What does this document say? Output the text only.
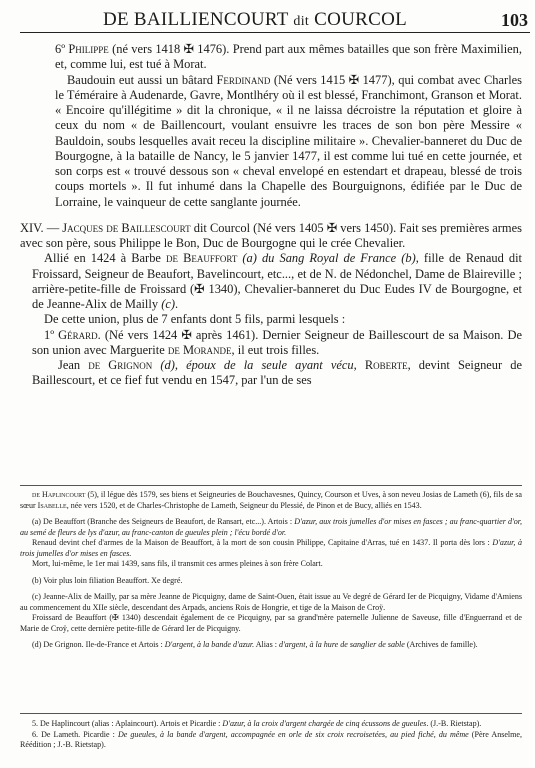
DE BAILLIENCOURT dit COURCOL	103

6º Philippe (né vers 1418 ✠ 1476). Prend part aux mêmes batailles que son frère Maximilien, et, comme lui, est tué à Morat.

Baudouin eut aussi un bâtard Ferdinand (Né vers 1415 ✠ 1477), qui combat avec Charles le Téméraire à Audenarde, Gavre, Montlhéry où il est blessé, Franchimont, Granson et Morat. « Encoire qu'illégitime » dit la chronique, « il ne laissa décroistre la réputation et gloire à ceux du nom « de Baillencourt, voulant ensuivre les traces de son bon père Messire « Bauldoin, soubs lesquelles avait receu la discipline militaire ». Chevalier-banneret du Duc de Bourgogne, à la bataille de Nancy, le 5 janvier 1477, il est comme lui tué en cette journée, et son corps est « trouvé dessous son « cheval envelopé en estendart et drapeau, blessé de trois coups mortels ». Il fut inhumé dans la Chapelle des Bourguignons, édifiée par le Duc de Lorraine, le vainqueur de cette sanglante journée.

XIV. — Jacques de Baillescourt dit Courcol (Né vers 1405 ✠ vers 1450). Fait ses premières armes avec son père, sous Philippe le Bon, Duc de Bourgogne qui le crée Chevalier.

Allié en 1424 à Barbe de Beauffort (a) du Sang Royal de France (b), fille de Renaud dit Froissard, Seigneur de Beaufort, Bavelincourt, etc..., et de N. de Nédonchel, Dame de Blaireville ; arrière-petite-fille de Froissard (✠ 1340), Chevalier-banneret du Duc Eudes IV de Bourgogne, et de Jeanne-Alix de Mailly (c).

De cette union, plus de 7 enfants dont 5 fils, parmi lesquels :

1º Gérard. (Né vers 1424 ✠ après 1461). Dernier Seigneur de Baillescourt de sa Maison. De son union avec Marguerite de Morande, il eut trois filles.

Jean de Grignon (d), époux de la seule ayant vécu, Roberte, devint Seigneur de Baillescourt, et ce fief fut vendu en 1547, par l'un de ses

de Haplincourt (5), il légue dès 1579, ses biens et Seigneuries de Bouchavesnes, Quincy, Courson et Uves, à son neveu Josias de Lameth (6), fils de sa sœur Isabelle, née vers 1520, et de Charles-Christophe de Lameth, Seigneur du Plessié, de Pinon et de Bucy, alliés en 1543.

(a) De Beauffort (Branche des Seigneurs de Beaufort, de Ransart, etc...). Artois : D'azur, aux trois jumelles d'or mises en fasces ; au franc-quartier d'or, au semé de fleurs de lys d'azur, au franc-canton de gueules plein ; l'écu bordé d'or.

Renaud devint chef d'armes de la Maison de Beauffort, à la mort de son cousin Philippe, Capitaine d'Arras, tué en 1437. Il porta dès lors : D'azur, à trois jumelles d'or mises en fasces.

Mort, lui-même, le 1er mai 1439, sans fils, il transmit ces armes pleines à son frère Colart.

(b) Voir plus loin filiation Beauffort. Xe degré.

(c) Jeanne-Alix de Mailly, par sa mère Jeanne de Picquigny, dame de Saint-Ouen, était issue au Ve degré de Gérard Ier de Picquigny, Vidame d'Amiens au commencement du XIIe siècle, descendant des Arpads, anciens Rois de Hongrie, et tige de la Maison de Croÿ.

Froissard de Beauffort (✠ 1340) descendait également de ce Picquigny, par sa grand'mère paternelle Julienne de Saveuse, fille d'Enguerrand et de Marie de Croÿ, cette dernière petite-fille de Gérard Ier de Picquigny.

(d) De Grignon. Ile-de-France et Artois : D'argent, à la bande d'azur. Alias : d'argent, à la hure de sanglier de sable (Archives de famille).

5. De Haplincourt (alias : Aplaincourt). Artois et Picardie : D'azur, à la croix d'argent chargée de cinq écussons de gueules. (J.-B. Rietstap).

6. De Lameth. Picardie : De gueules, à la bande d'argent, accompagnée en orle de six croix recroisetées, au pied fiché, du même (Père Anselme, Réédition ; J.-B. Rietstap).
